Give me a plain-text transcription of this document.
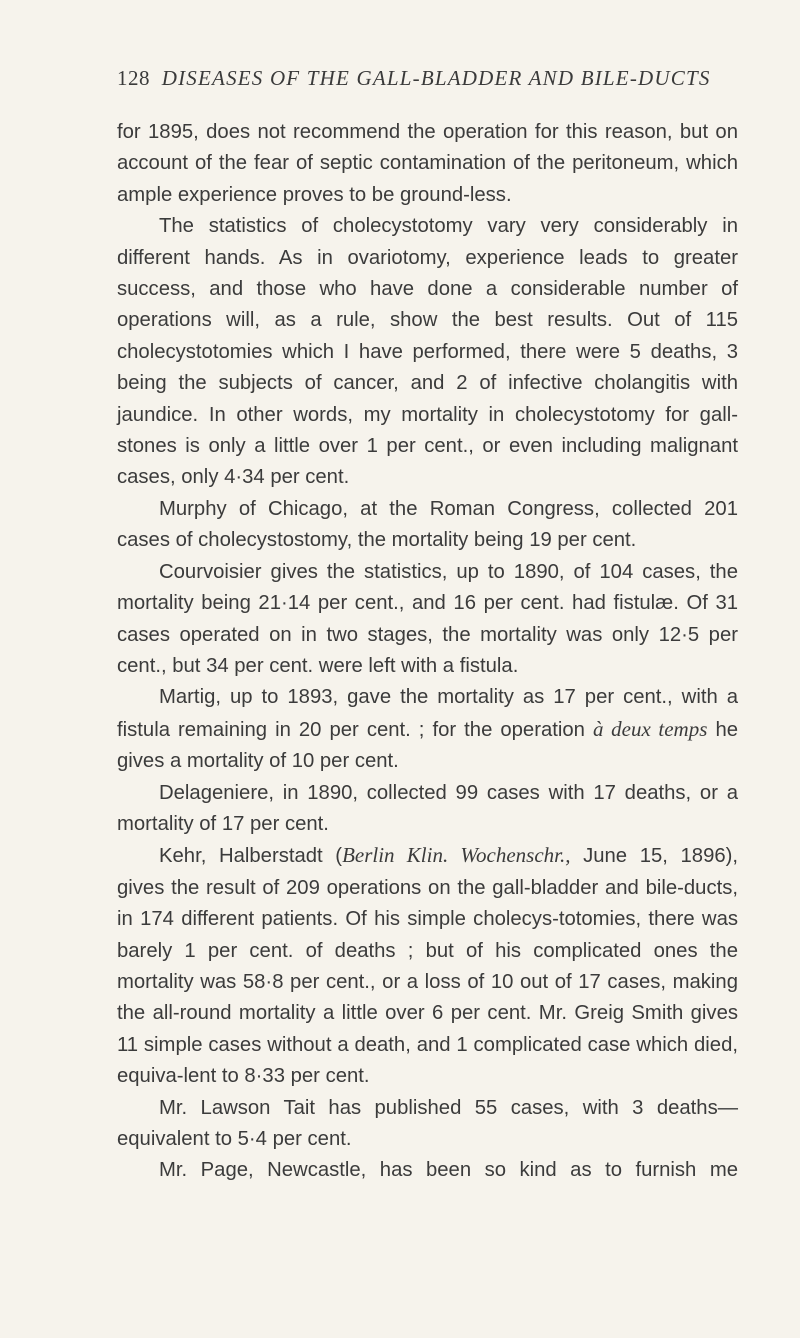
128 DISEASES OF THE GALL-BLADDER AND BILE-DUCTS

for 1895, does not recommend the operation for this reason, but on account of the fear of septic contamination of the peritoneum, which ample experience proves to be ground-less.

The statistics of cholecystotomy vary very considerably in different hands. As in ovariotomy, experience leads to greater success, and those who have done a considerable number of operations will, as a rule, show the best results. Out of 115 cholecystotomies which I have performed, there were 5 deaths, 3 being the subjects of cancer, and 2 of infective cholangitis with jaundice. In other words, my mortality in cholecystotomy for gall-stones is only a little over 1 per cent., or even including malignant cases, only 4·34 per cent.

Murphy of Chicago, at the Roman Congress, collected 201 cases of cholecystostomy, the mortality being 19 per cent.

Courvoisier gives the statistics, up to 1890, of 104 cases, the mortality being 21·14 per cent., and 16 per cent. had fistulæ. Of 31 cases operated on in two stages, the mortality was only 12·5 per cent., but 34 per cent. were left with a fistula.

Martig, up to 1893, gave the mortality as 17 per cent., with a fistula remaining in 20 per cent. ; for the operation à deux temps he gives a mortality of 10 per cent.

Delageniere, in 1890, collected 99 cases with 17 deaths, or a mortality of 17 per cent.

Kehr, Halberstadt (Berlin Klin. Wochenschr., June 15, 1896), gives the result of 209 operations on the gall-bladder and bile-ducts, in 174 different patients. Of his simple cholecys-totomies, there was barely 1 per cent. of deaths ; but of his complicated ones the mortality was 58·8 per cent., or a loss of 10 out of 17 cases, making the all-round mortality a little over 6 per cent. Mr. Greig Smith gives 11 simple cases without a death, and 1 complicated case which died, equiva-lent to 8·33 per cent.

Mr. Lawson Tait has published 55 cases, with 3 deaths— equivalent to 5·4 per cent.

Mr. Page, Newcastle, has been so kind as to furnish me
